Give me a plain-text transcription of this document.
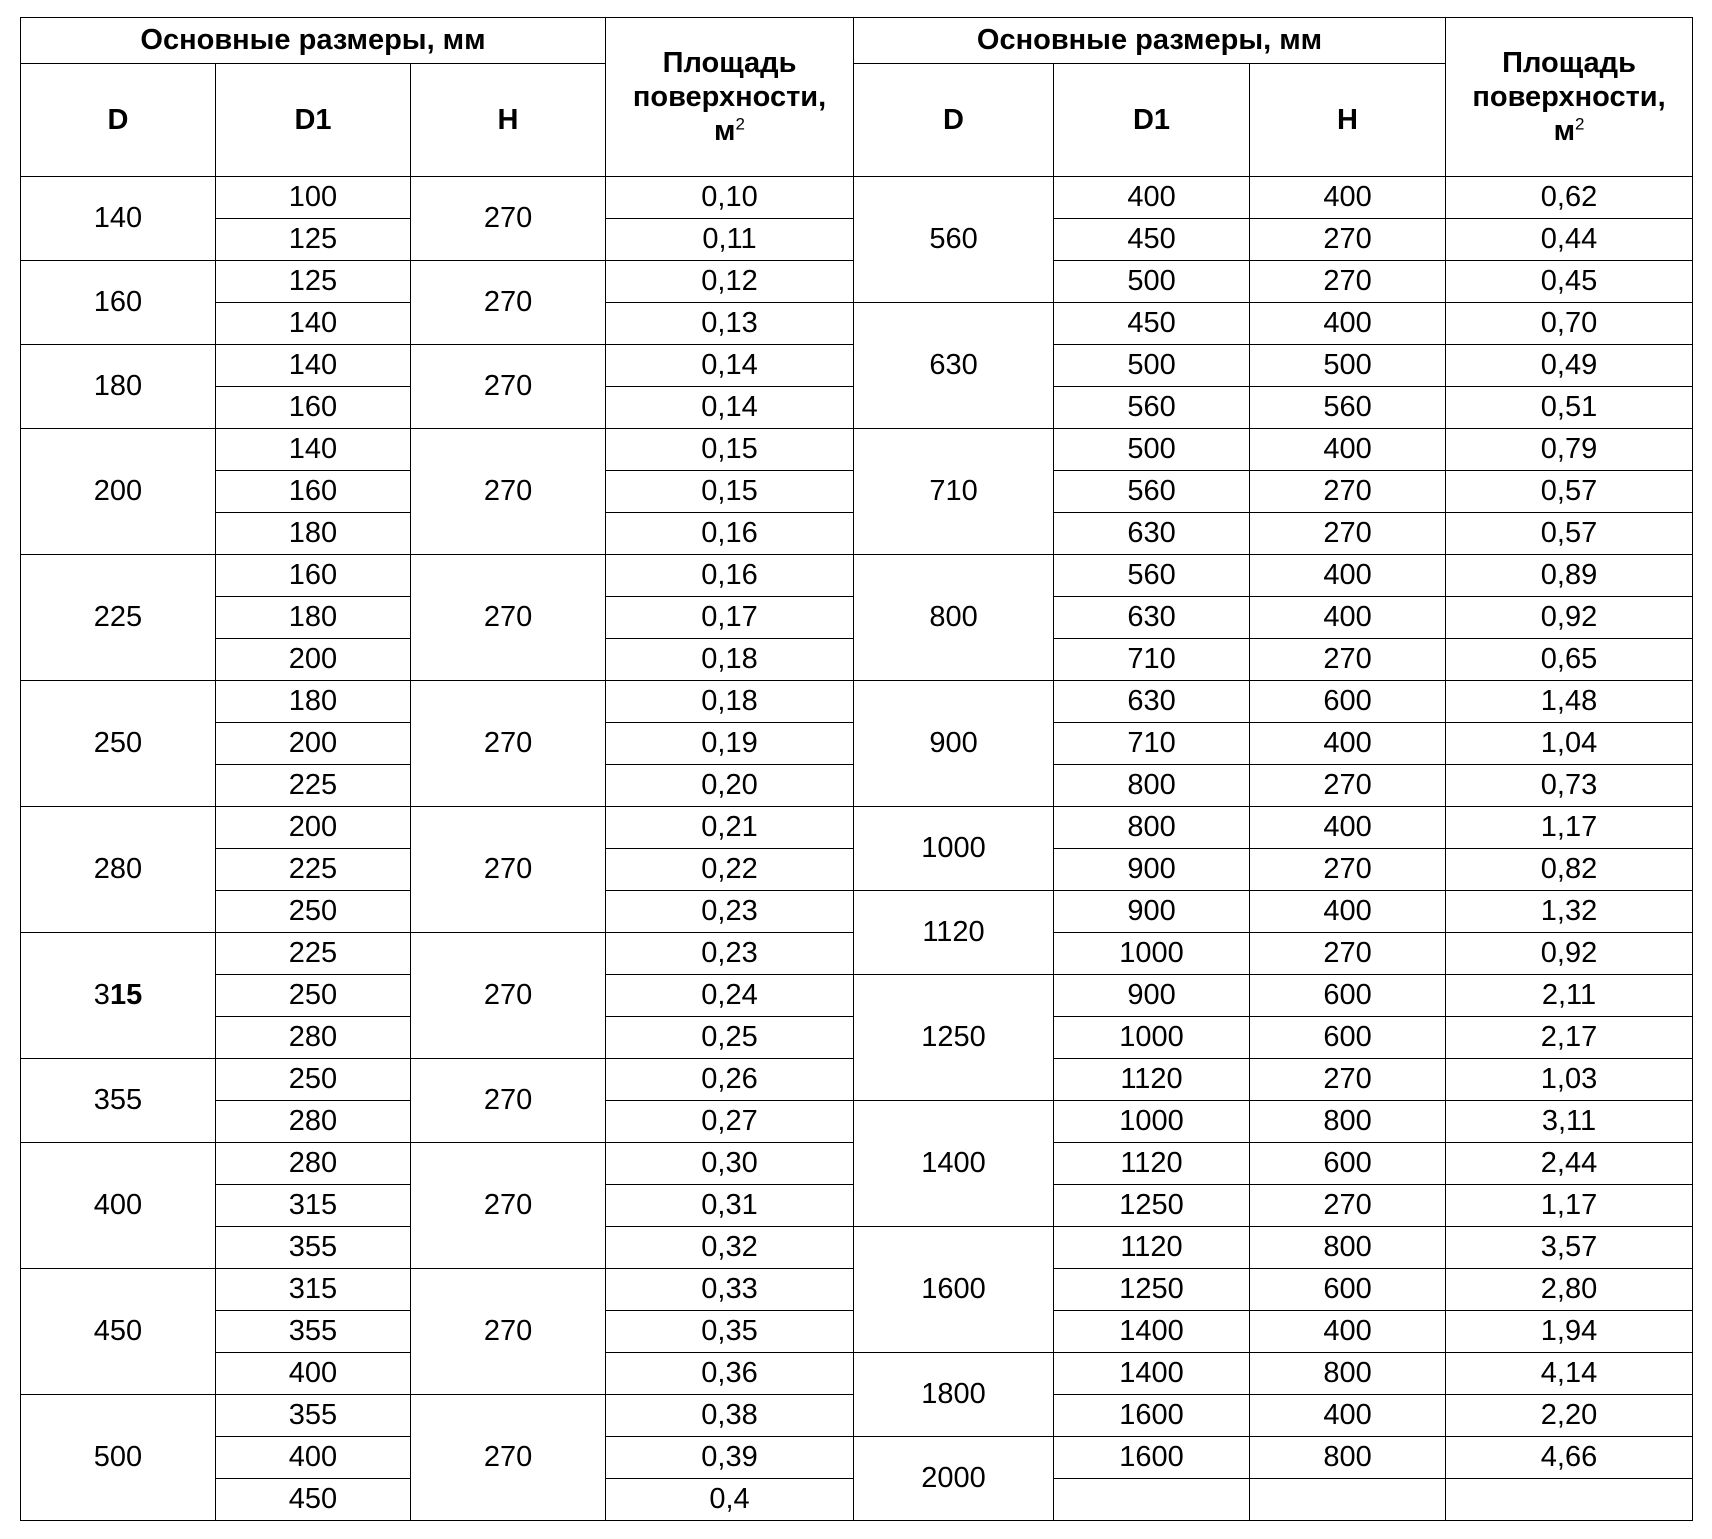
Основные размеры, мм			Площадь
поверхности,
$м^2$	Основные размеры, мм			Площадь
поверхности,
$м^2$
D	D1	H		D	D1	H	
140	100	270	0,10	560	400	400	0,62
	125		0,11		450	270	0,44
160	125	270	0,12		500	270	0,45
	140		0,13	630	450	400	0,70
180	140	270	0,14		500	500	0,49
	160		0,14		560	560	0,51
200	140	270	0,15	710	500	400	0,79
	160		0,15		560	270	0,57
	180		0,16		630	270	0,57
225	160	270	0,16	800	560	400	0,89
	180		0,17		630	400	0,92
	200		0,18		710	270	0,65
250	180	270	0,18	900	630	600	1,48
	200		0,19		710	400	1,04
	225		0,20		800	270	0,73
280	200	270	0,21	1000	800	400	1,17
	225		0,22		900	270	0,82
	250		0,23	1120	900	400	1,32
315	225	270	0,23		1000	270	0,92
	250		0,24	1250	900	600	2,11
	280		0,25		1000	600	2,17
355	250	270	0,26		1120	270	1,03
	280		0,27	1400	1000	800	3,11
400	280	270	0,30		1120	600	2,44
	315		0,31		1250	270	1,17
	355		0,32	1600	1120	800	3,57
450	315	270	0,33		1250	600	2,80
	355		0,35		1400	400	1,94
	400		0,36	1800	1400	800	4,14
500	355	270	0,38		1600	400	2,20
	400		0,39	2000	1600	800	4,66
	450		0,4				
